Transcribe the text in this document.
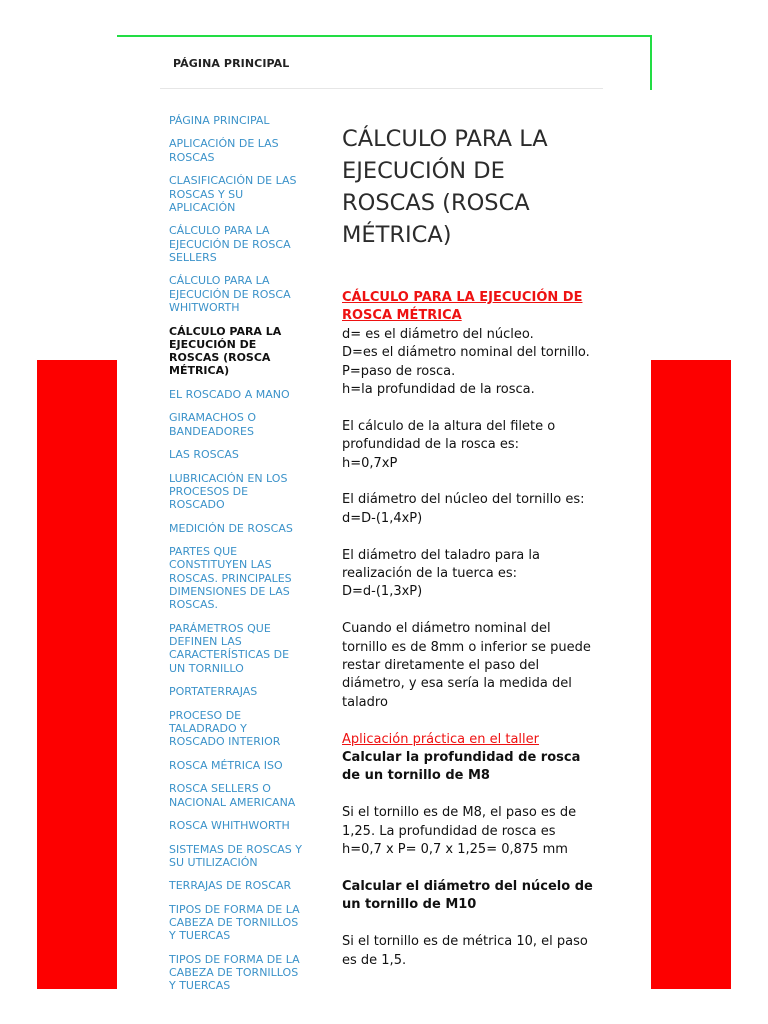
PÁGINA PRINCIPAL
PÁGINA PRINCIPAL
APLICACIÓN DE LAS ROSCAS
CLASIFICACIÓN DE LAS ROSCAS Y SU APLICACIÓN
CÁLCULO PARA LA EJECUCIÓN DE ROSCA SELLERS
CÁLCULO PARA LA EJECUCIÓN DE ROSCA WHITWORTH
CÁLCULO PARA LA EJECUCIÓN DE ROSCAS (ROSCA MÉTRICA)
EL ROSCADO A MANO
GIRAMACHOS O BANDEADORES
LAS ROSCAS
LUBRICACIÓN EN LOS PROCESOS DE ROSCADO
MEDICIÓN DE ROSCAS
PARTES QUE CONSTITUYEN LAS ROSCAS. PRINCIPALES DIMENSIONES DE LAS ROSCAS.
PARÁMETROS QUE DEFINEN LAS CARACTERÍSTICAS DE UN TORNILLO
PORTATERRAJAS
PROCESO DE TALADRADO Y ROSCADO INTERIOR
ROSCA MÉTRICA ISO
ROSCA SELLERS O NACIONAL AMERICANA
ROSCA WHITHWORTH
SISTEMAS DE ROSCAS Y SU UTILIZACIÓN
TERRAJAS DE ROSCAR
TIPOS DE FORMA DE LA CABEZA DE TORNILLOS Y TUERCAS
TIPOS DE FORMA DE LA CABEZA DE TORNILLOS Y TUERCAS
CÁLCULO PARA LA EJECUCIÓN DE ROSCAS (ROSCA MÉTRICA)
CÁLCULO PARA LA EJECUCIÓN DE ROSCA MÉTRICA
d= es el diámetro del núcleo.
D=es el diámetro nominal del tornillo.
P=paso de rosca.
h=la profundidad de la rosca.
El cálculo de la altura del filete o profundidad de la rosca es:
h=0,7xP
El diámetro del núcleo del tornillo es:
d=D-(1,4xP)
El diámetro del taladro para la realización de la tuerca es:
D=d-(1,3xP)
Cuando el diámetro nominal del tornillo es de 8mm o inferior se puede restar diretamente el paso del diámetro, y esa sería la medida del taladro
Aplicación práctica en el taller
Calcular la profundidad de rosca de un tornillo de M8
Si el tornillo es de M8, el paso es de 1,25. La profundidad de rosca es h=0,7 x P= 0,7 x 1,25= 0,875 mm
Calcular el diámetro del núcelo de un tornillo de M10
Si el tornillo es de métrica 10, el paso es de 1,5.
